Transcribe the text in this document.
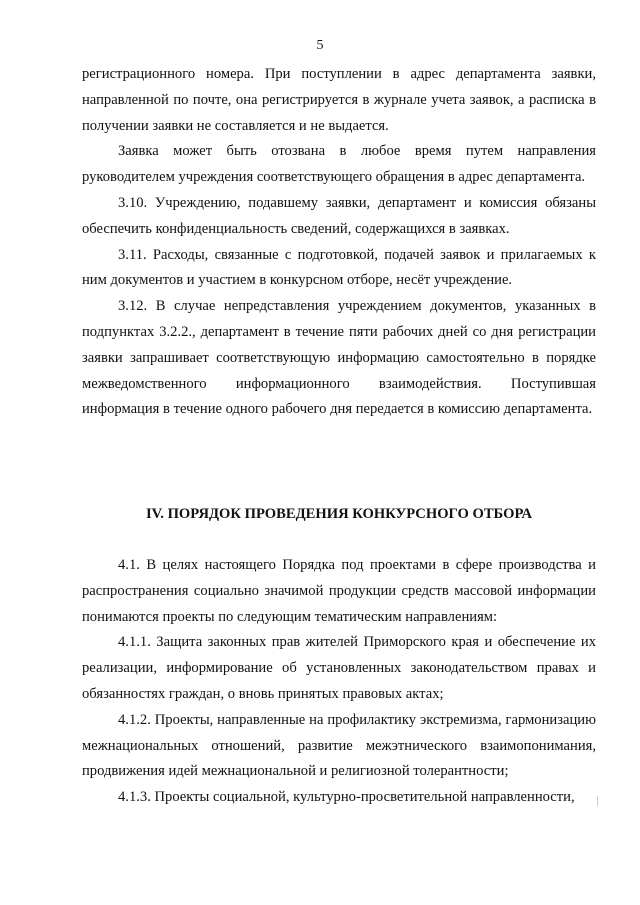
5

регистрационного номера. При поступлении в адрес департамента заявки, направленной по почте, она регистрируется в журнале учета заявок, а расписка в получении заявки не составляется и не выдается.

Заявка может быть отозвана в любое время путем направления руководителем учреждения соответствующего обращения в адрес департамента.

3.10. Учреждению, подавшему заявки, департамент и комиссия обязаны обеспечить конфиденциальность сведений, содержащихся в заявках.

3.11. Расходы, связанные с подготовкой, подачей заявок и прилагаемых к ним документов и участием в конкурсном отборе, несёт учреждение.

3.12. В случае непредставления учреждением документов, указанных в подпунктах 3.2.2., департамент в течение пяти рабочих дней со дня регистрации заявки запрашивает соответствующую информацию самостоятельно в порядке межведомственного информационного взаимодействия. Поступившая информация в течение одного рабочего дня передается в комиссию департамента.

IV. ПОРЯДОК ПРОВЕДЕНИЯ КОНКУРСНОГО ОТБОРА

4.1. В целях настоящего Порядка под проектами в сфере производства и распространения социально значимой продукции средств массовой информации понимаются проекты по следующим тематическим направлениям:

4.1.1. Защита законных прав жителей Приморского края и обеспечение их реализации, информирование об установленных законодательством правах и обязанностях граждан, о вновь принятых правовых актах;

4.1.2. Проекты, направленные на профилактику экстремизма, гармонизацию межнациональных отношений, развитие межэтнического взаимопонимания, продвижения идей межнациональной и религиозной толерантности;

4.1.3. Проекты социальной, культурно-просветительной направленности,
